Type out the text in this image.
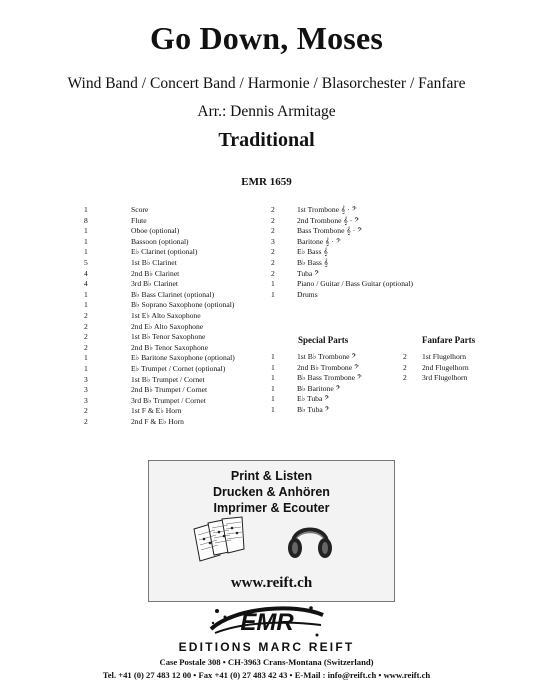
Go Down, Moses
Wind Band / Concert Band / Harmonie / Blasorchester / Fanfare
Arr.: Dennis Armitage
Traditional
EMR 1659
1	Score
8	Flute
1	Oboe (optional)
1	Bassoon (optional)
1	E♭ Clarinet (optional)
5	1st B♭ Clarinet
4	2nd B♭ Clarinet
4	3rd B♭ Clarinet
1	B♭ Bass Clarinet (optional)
1	B♭ Soprano Saxophone (optional)
2	1st E♭ Alto Saxophone
2	2nd E♭ Alto Saxophone
2	1st B♭ Tenor Saxophone
2	2nd B♭ Tenor Saxophone
1	E♭ Baritone Saxophone (optional)
1	E♭ Trumpet / Cornet (optional)
3	1st B♭ Trumpet / Cornet
3	2nd B♭ Trumpet / Cornet
3	3rd B♭ Trumpet / Cornet
2	1st F & E♭ Horn
2	2nd F & E♭ Horn
2	1st Trombone 𝄞 · 𝄢
2	2nd Trombone 𝄞 · 𝄢
2	Bass Trombone 𝄞 · 𝄢
3	Baritone 𝄞 · 𝄢
2	E♭ Bass 𝄞
2	B♭ Bass 𝄞
2	Tuba 𝄢
1	Piano / Guitar / Bass Guitar (optional)
1	Drums
Special Parts	Fanfare Parts
1	1st B♭ Trombone 𝄢
1	2nd B♭ Trombone 𝄢
1	B♭ Bass Trombone 𝄢
1	B♭ Baritone 𝄢
1	E♭ Tuba 𝄢
1	B♭ Tuba 𝄢
2	1st Flugelhorn
2	2nd Flugelhorn
2	3rd Flugelhorn
Print & Listen
Drucken & Anhören
Imprimer & Ecouter
www.reift.ch
EMR
EDITIONS MARC REIFT
Case Postale 308 • CH-3963 Crans-Montana (Switzerland)
Tel. +41 (0) 27 483 12 00 • Fax +41 (0) 27 483 42 43 • E-Mail : info@reift.ch • www.reift.ch
